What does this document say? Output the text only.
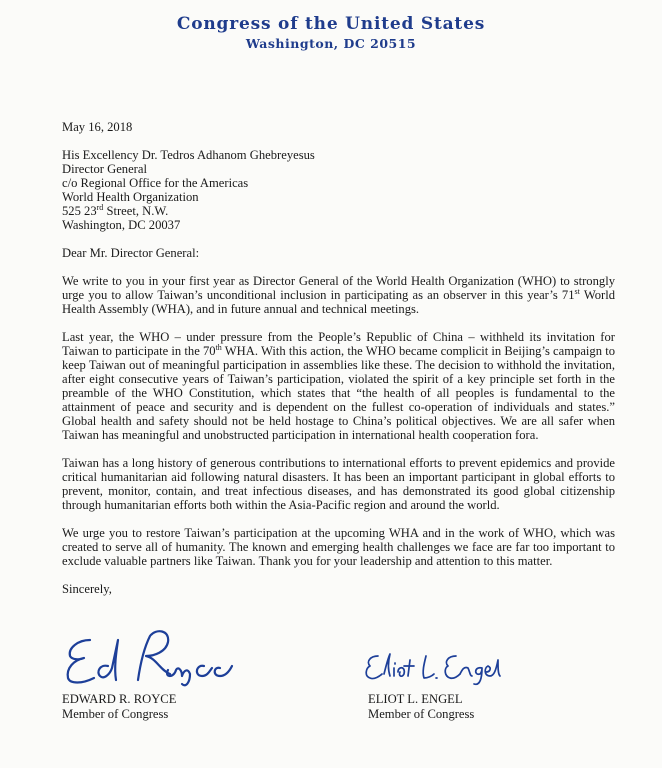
Congress of the United States
Washington, DC 20515

May 16, 2018

His Excellency Dr. Tedros Adhanom Ghebreyesus
Director General
c/o Regional Office for the Americas
World Health Organization
525 23rd Street, N.W.
Washington, DC 20037

Dear Mr. Director General:

We write to you in your first year as Director General of the World Health Organization (WHO) to strongly urge you to allow Taiwan’s unconditional inclusion in participating as an observer in this year’s 71st World Health Assembly (WHA), and in future annual and technical meetings.

Last year, the WHO – under pressure from the People’s Republic of China – withheld its invitation for Taiwan to participate in the 70th WHA. With this action, the WHO became complicit in Beijing’s campaign to keep Taiwan out of meaningful participation in assemblies like these. The decision to withhold the invitation, after eight consecutive years of Taiwan’s participation, violated the spirit of a key principle set forth in the preamble of the WHO Constitution, which states that “the health of all peoples is fundamental to the attainment of peace and security and is dependent on the fullest co-operation of individuals and states.” Global health and safety should not be held hostage to China’s political objectives. We are all safer when Taiwan has meaningful and unobstructed participation in international health cooperation fora.

Taiwan has a long history of generous contributions to international efforts to prevent epidemics and provide critical humanitarian aid following natural disasters. It has been an important participant in global efforts to prevent, monitor, contain, and treat infectious diseases, and has demonstrated its good global citizenship through humanitarian efforts both within the Asia-Pacific region and around the world.

We urge you to restore Taiwan’s participation at the upcoming WHA and in the work of WHO, which was created to serve all of humanity. The known and emerging health challenges we face are far too important to exclude valuable partners like Taiwan. Thank you for your leadership and attention to this matter.

Sincerely,

EDWARD R. ROYCE
Member of Congress
ELIOT L. ENGEL
Member of Congress
